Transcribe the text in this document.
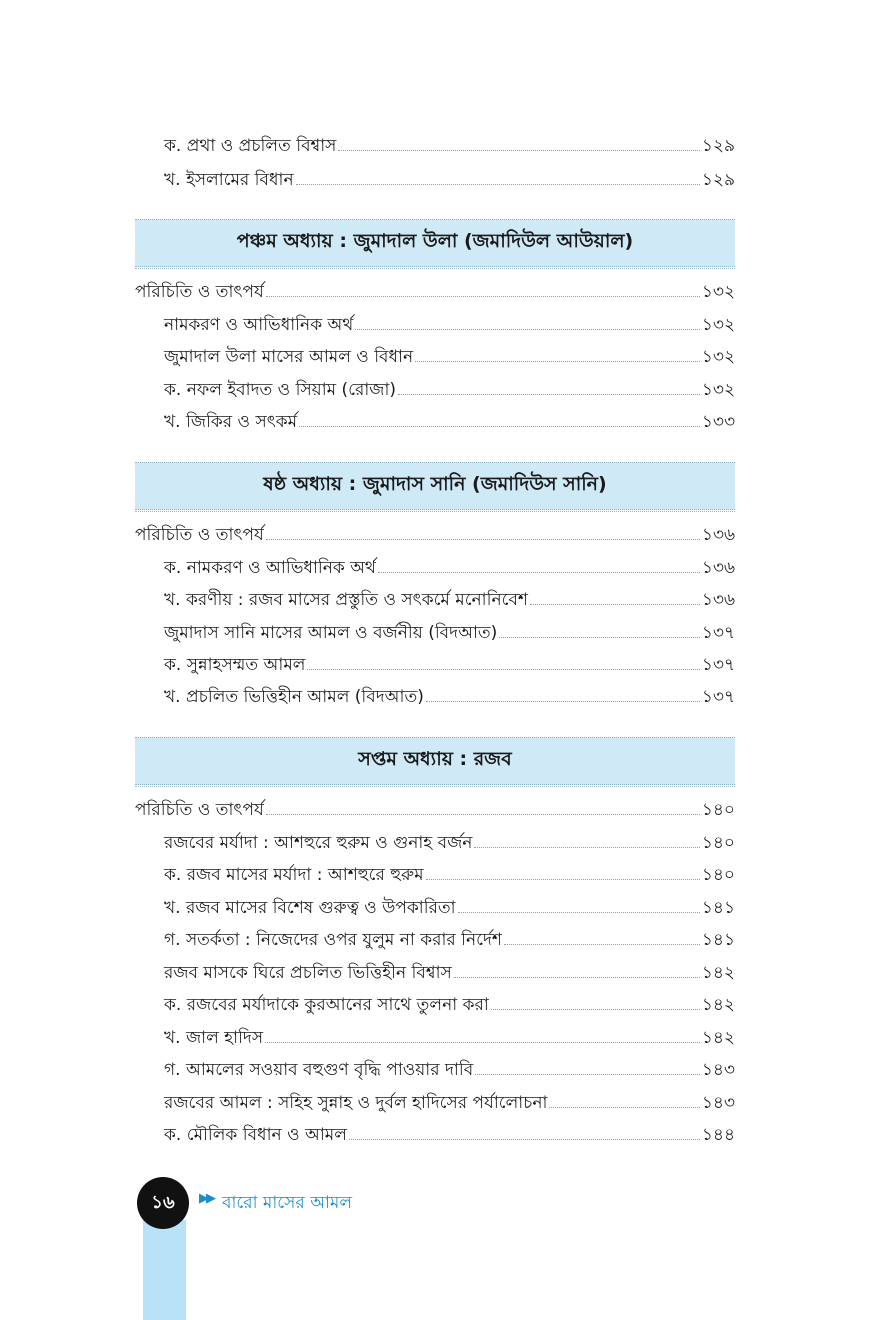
ক. প্রথা ও প্রচলিত বিশ্বাস	১২৯
খ. ইসলামের বিধান	১২৯
পঞ্চম অধ্যায় : জুমাদাল উলা (জমাদিউল আউয়াল)
পরিচিতি ও তাৎপর্য	১৩২
নামকরণ ও আভিধানিক অর্থ	১৩২
জুমাদাল উলা মাসের আমল ও বিধান	১৩২
ক. নফল ইবাদত ও সিয়াম (রোজা)	১৩২
খ. জিকির ও সৎকর্ম	১৩৩
ষষ্ঠ অধ্যায় : জুমাদাস সানি (জমাদিউস সানি)
পরিচিতি ও তাৎপর্য	১৩৬
ক. নামকরণ ও আভিধানিক অর্থ	১৩৬
খ. করণীয় : রজব মাসের প্রস্তুতি ও সৎকর্মে মনোনিবেশ	১৩৬
জুমাদাস সানি মাসের আমল ও বর্জনীয় (বিদআত)	১৩৭
ক. সুন্নাহসম্মত আমল	১৩৭
খ. প্রচলিত ভিত্তিহীন আমল (বিদআত)	১৩৭
সপ্তম অধ্যায় : রজব
পরিচিতি ও তাৎপর্য	১৪০
রজবের মর্যাদা : আশহুরে হুরুম ও গুনাহ বর্জন	১৪০
ক. রজব মাসের মর্যাদা : আশহুরে হুরুম	১৪০
খ. রজব মাসের বিশেষ গুরুত্ব ও উপকারিতা	১৪১
গ. সতর্কতা : নিজেদের ওপর যুলুম না করার নির্দেশ	১৪১
রজব মাসকে ঘিরে প্রচলিত ভিত্তিহীন বিশ্বাস	১৪২
ক. রজবের মর্যাদাকে কুরআনের সাথে তুলনা করা	১৪২
খ. জাল হাদিস	১৪২
গ. আমলের সওয়াব বহুগুণ বৃদ্ধি পাওয়ার দাবি	১৪৩
রজবের আমল : সহিহ সুন্নাহ ও দুর্বল হাদিসের পর্যালোচনা	১৪৩
ক. মৌলিক বিধান ও আমল	১৪৪
১৬ ▶▶ বারো মাসের আমল
